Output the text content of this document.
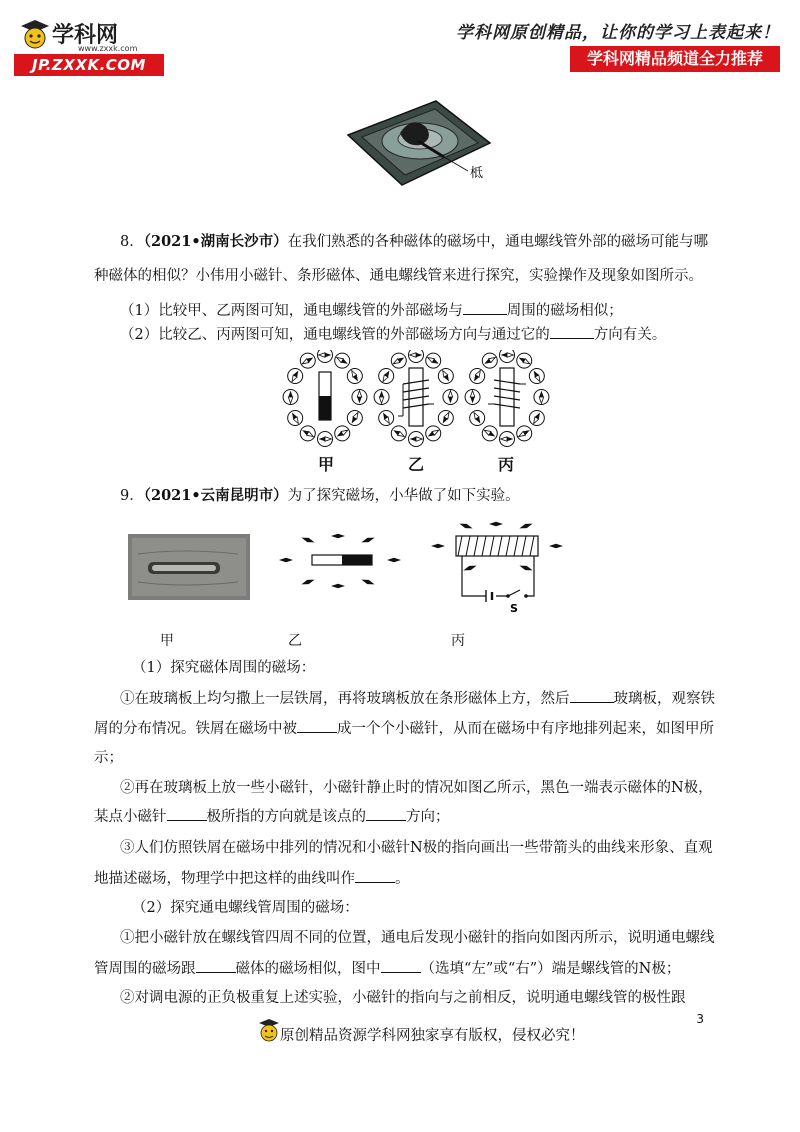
学科网
www.zxxk.com
JP.ZXXK.COM
学科网原创精品，让你的学习上表起来！
学科网精品频道全力推荐
柢
8．（2021•湖南长沙市）在我们熟悉的各种磁体的磁场中，通电螺线管外部的磁场可能与哪
种磁体的相似？小伟用小磁针、条形磁体、通电螺线管来进行探究，实验操作及现象如图所示。
（1）比较甲、乙两图可知，通电螺线管的外部磁场与	周围的磁场相似；
（2）比较乙、丙两图可知，通电螺线管的外部磁场方向与通过它的	方向有关。
甲	乙	丙
9．（2021•云南昆明市）为了探究磁场，小华做了如下实验。
S
甲	乙	丙
（1）探究磁体周围的磁场：
①在玻璃板上均匀撒上一层铁屑，再将玻璃板放在条形磁体上方，然后	玻璃板，观察铁
屑的分布情况。铁屑在磁场中被	成一个个小磁针，从而在磁场中有序地排列起来，如图甲所
示；
②再在玻璃板上放一些小磁针，小磁针静止时的情况如图乙所示，黑色一端表示磁体的N极，
某点小磁针	极所指的方向就是该点的	方向；
③人们仿照铁屑在磁场中排列的情况和小磁针N极的指向画出一些带箭头的曲线来形象、直观
地描述磁场，物理学中把这样的曲线叫作	。
（2）探究通电螺线管周围的磁场：
①把小磁针放在螺线管四周不同的位置，通电后发现小磁针的指向如图丙所示，说明通电螺线
管周围的磁场跟	磁体的磁场相似，图中	（选填“左”或“右”）端是螺线管的N极；
②对调电源的正负极重复上述实验，小磁针的指向与之前相反，说明通电螺线管的极性跟
3
原创精品资源学科网独家享有版权，侵权必究！
